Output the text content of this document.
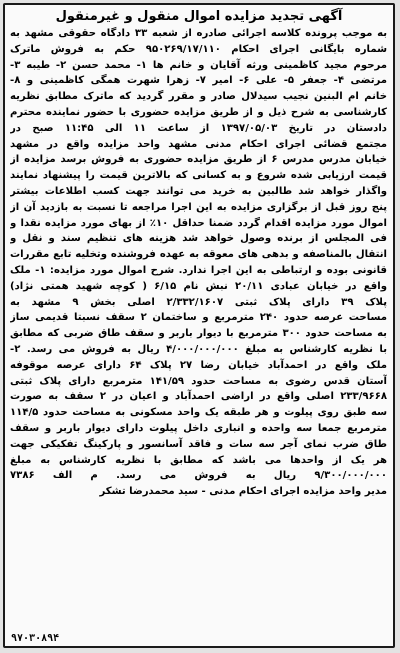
آگهی تجدید مزایده اموال منقول و غیرمنقول
به موجب پرونده کلاسه اجرائی صادره از شعبه ۳۳ دادگاه حقوقی مشهد به
شماره بایگانی اجرای احکام ۹۵۰۲۶۹/۱۷/۱۱۰ حکم به فروش ماترک
مرحوم مجید کاظمینی ورثه آقایان و خانم ها ۱- محمد حسن ۲- طیبه ۳-
مرتضی ۴- جعفر ۵- علی ۶- امیر ۷- زهرا شهرت همگی کاظمینی و ۸-
خانم ام البنین نجیب سیدلال صادر و مقرر گردید که ماترک مطابق نظریه
کارشناسی به شرح ذیل و از طریق مزایده حضوری با حضور نماینده محترم
دادستان در تاریخ ۱۳۹۷/۰۵/۰۳ از ساعت ۱۱ الی ۱۱:۴۵ صبح در
مجتمع قضائی اجرای احکام مدنی مشهد واحد مزایده واقع در مشهد
خیابان مدرس مدرس ۶ از طریق مزایده حضوری به فروش برسد مزایده از
قیمت ارزیابی شده شروع و به کسانی که بالاترین قیمت را پیشنهاد نمایند
واگذار خواهد شد طالبین به خرید می توانند جهت کسب اطلاعات بیشتر
پنج روز قبل از برگزاری مزایده به این اجرا مراجعه تا نسبت به بازدید آن از
اموال مورد مزایده اقدام گردد ضمنا حداقل ۱۰٪ از بهای مورد مزایده نقدا و
فی المجلس از برنده وصول خواهد شد هزینه های تنظیم سند و نقل و
انتقال بالمناصفه و بدهی های معوقه به عهده فروشنده وتخلیه تابع مقررات
قانونی بوده و ارتباطی به این اجرا ندارد. شرح اموال مورد مزایده: ۱- ملک
واقع در خیابان عبادی ۲۰/۱۱ نبش نام ۶/۱۵ ( کوچه شهید همتی نژاد)
پلاک ۳۹ دارای پلاک ثبتی ۲/۳۳۲/۱۶۰۷ اصلی بخش ۹ مشهد به
مساحت عرصه حدود ۲۴۰ مترمربع و ساختمان ۲ سقف نسبتا قدیمی ساز
به مساحت حدود ۳۰۰ مترمربع با دیوار باربر و سقف طاق ضربی که مطابق
با نظریه کارشناس به مبلغ ۴/۰۰۰/۰۰۰/۰۰۰ ریال به فروش می رسد. ۲-
ملک واقع در احمدآباد خیابان رضا ۲۷ پلاک ۶۴ دارای عرصه موقوفه
آستان قدس رضوی به مساحت حدود ۱۴۱/۵۹ مترمربع دارای پلاک ثبتی
۲۳۳/۹۶۶۸ اصلی واقع در اراضی احمدآباد و اعیان در ۲ سقف به صورت
سه طبق روی پیلوت و هر طبقه یک واحد مسکونی به مساحت حدود ۱۱۴/۵
مترمربع جمعا سه واحده و انباری داخل پیلوت دارای دیوار باربر و سقف
طاق ضرب نمای آجر سه سات و فاقد آسانسور و پارکینگ تفکیکی جهت
هر یک از واحدها می باشد که مطابق با نظریه کارشناس به مبلغ
۹/۳۰۰/۰۰۰/۰۰۰ ریال به فروش می رسد. م الف ۷۳۸۶
مدیر واحد مزایده اجرای احکام مدنی - سید محمدرضا تشکر
۹۷۰۳۰۸۹۴
